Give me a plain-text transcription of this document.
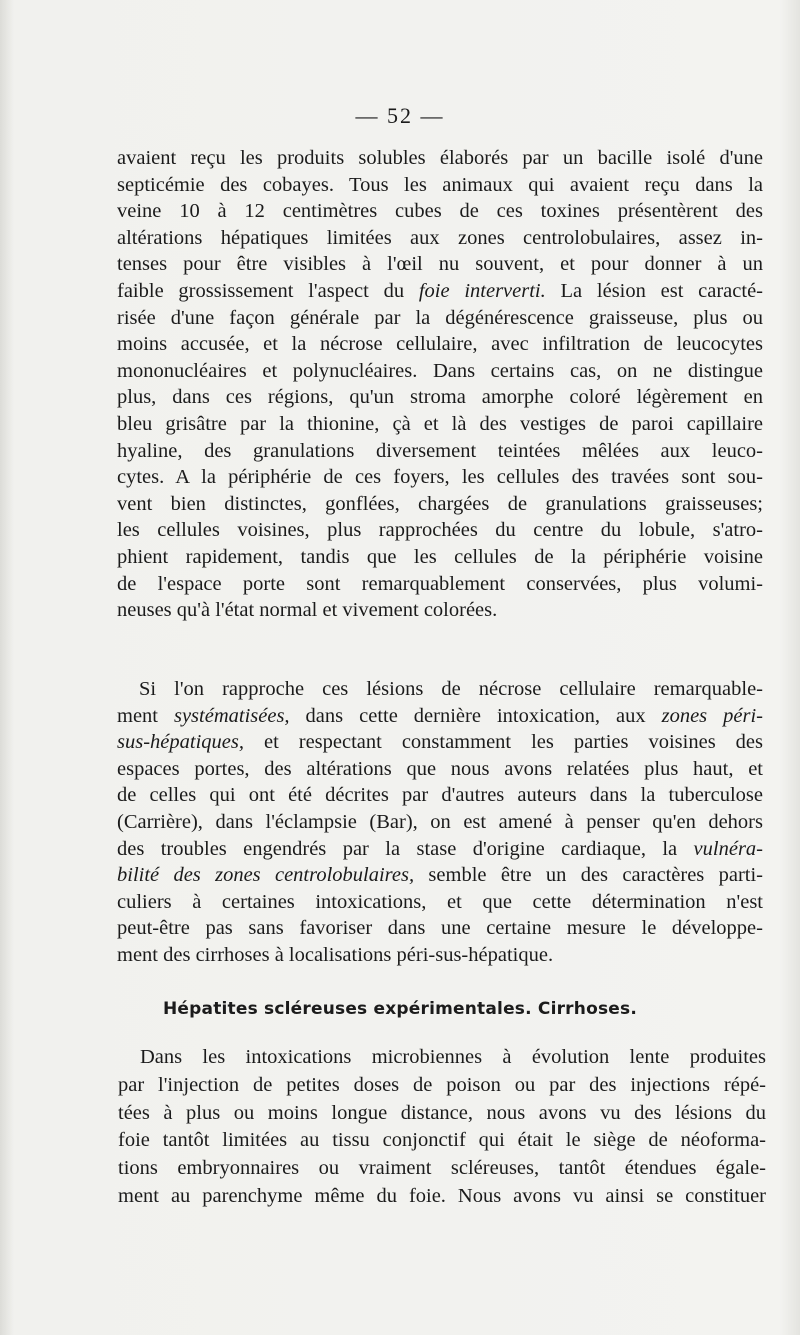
— 52 —
avaient reçu les produits solubles élaborés par un bacille isolé d'une
septicémie des cobayes. Tous les animaux qui avaient reçu dans la
veine 10 à 12 centimètres cubes de ces toxines présentèrent des
altérations hépatiques limitées aux zones centrolobulaires, assez in-
tenses pour être visibles à l'œil nu souvent, et pour donner à un
faible grossissement l'aspect du foie interverti. La lésion est caracté-
risée d'une façon générale par la dégénérescence graisseuse, plus ou
moins accusée, et la nécrose cellulaire, avec infiltration de leucocytes
mononucléaires et polynucléaires. Dans certains cas, on ne distingue
plus, dans ces régions, qu'un stroma amorphe coloré légèrement en
bleu grisâtre par la thionine, çà et là des vestiges de paroi capillaire
hyaline, des granulations diversement teintées mêlées aux leuco-
cytes. A la périphérie de ces foyers, les cellules des travées sont sou-
vent bien distinctes, gonflées, chargées de granulations graisseuses;
les cellules voisines, plus rapprochées du centre du lobule, s'atro-
phient rapidement, tandis que les cellules de la périphérie voisine
de l'espace porte sont remarquablement conservées, plus volumi-
neuses qu'à l'état normal et vivement colorées.
Si l'on rapproche ces lésions de nécrose cellulaire remarquable-
ment systématisées, dans cette dernière intoxication, aux zones péri-
sus-hépatiques, et respectant constamment les parties voisines des
espaces portes, des altérations que nous avons relatées plus haut, et
de celles qui ont été décrites par d'autres auteurs dans la tuberculose
(Carrière), dans l'éclampsie (Bar), on est amené à penser qu'en dehors
des troubles engendrés par la stase d'origine cardiaque, la vulnéra-
bilité des zones centrolobulaires, semble être un des caractères parti-
culiers à certaines intoxications, et que cette détermination n'est
peut-être pas sans favoriser dans une certaine mesure le développe-
ment des cirrhoses à localisations péri-sus-hépatique.
Hépatites scléreuses expérimentales. Cirrhoses.
Dans les intoxications microbiennes à évolution lente produites
par l'injection de petites doses de poison ou par des injections répé-
tées à plus ou moins longue distance, nous avons vu des lésions du
foie tantôt limitées au tissu conjonctif qui était le siège de néoforma-
tions embryonnaires ou vraiment scléreuses, tantôt étendues égale-
ment au parenchyme même du foie. Nous avons vu ainsi se constituer
